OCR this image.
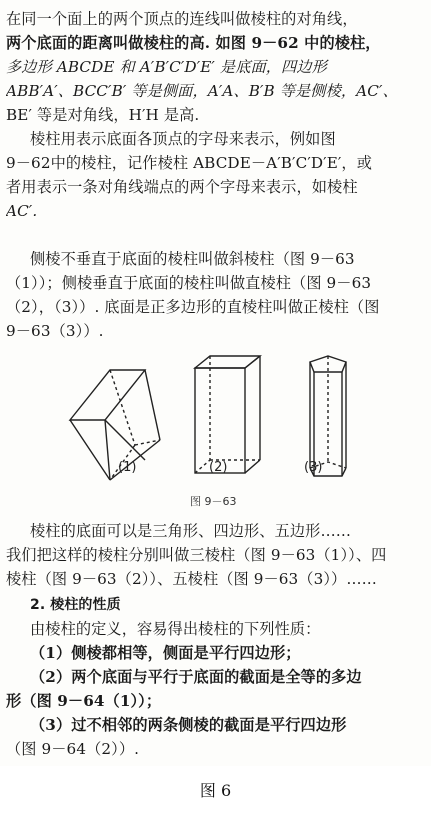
在同一个面上的两个顶点的连线叫做棱柱的对角线，
两个底面的距离叫做棱柱的高. 如图 9－62 中的棱柱，
多边形 ABCDE 和 A′B′C′D′E′ 是底面，四边形
ABB′A′、BCC′B′ 等是侧面，A′A、B′B 等是侧棱，AC′、
BE′ 等是对角线，H′H 是高.
棱柱用表示底面各顶点的字母来表示，例如图
9－62中的棱柱，记作棱柱 ABCDE－A′B′C′D′E′，或
者用表示一条对角线端点的两个字母来表示，如棱柱
AC′.
侧棱不垂直于底面的棱柱叫做斜棱柱（图 9－63
（1））；侧棱垂直于底面的棱柱叫做直棱柱（图 9－63
（2），（3））. 底面是正多边形的直棱柱叫做正棱柱（图
9－63（3））.
(1)	(2)	(3)
图 9－63
棱柱的底面可以是三角形、四边形、五边形……
我们把这样的棱柱分别叫做三棱柱（图 9－63（1））、四
棱柱（图 9－63（2））、五棱柱（图 9－63（3））……
2. 棱柱的性质
由棱柱的定义，容易得出棱柱的下列性质：
（1）侧棱都相等，侧面是平行四边形；
（2）两个底面与平行于底面的截面是全等的多边
形（图 9－64（1））；
（3）过不相邻的两条侧棱的截面是平行四边形
（图 9－64（2））.
图 6
